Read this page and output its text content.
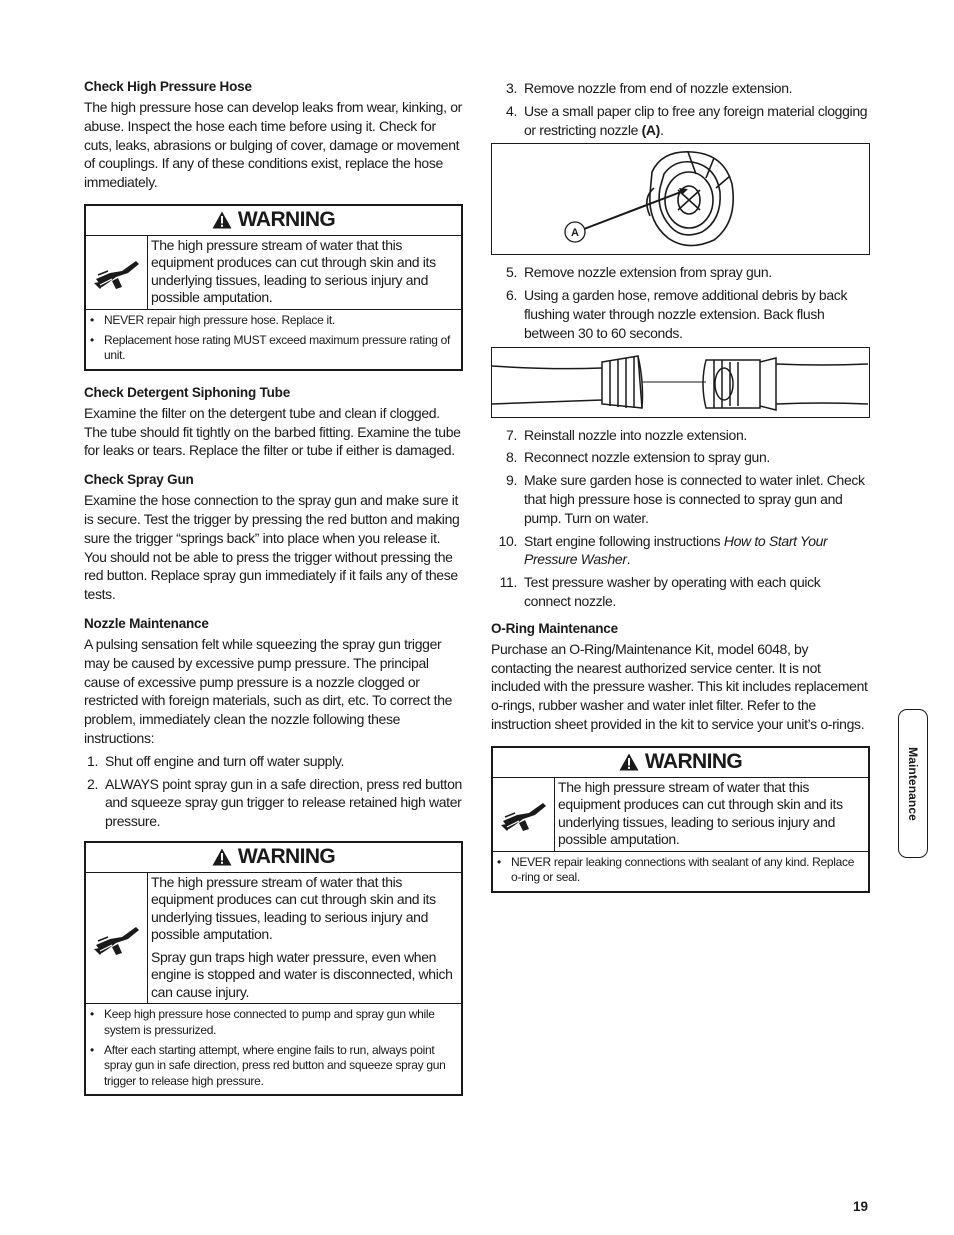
Check High Pressure Hose

The high pressure hose can develop leaks from wear, kinking, or abuse. Inspect the hose each time before using it. Check for cuts, leaks, abrasions or bulging of cover, damage or movement of couplings. If any of these conditions exist, replace the hose immediately.

WARNING
The high pressure stream of water that this equipment produces can cut through skin and its underlying tissues, leading to serious injury and possible amputation.
• NEVER repair high pressure hose. Replace it.
• Replacement hose rating MUST exceed maximum pressure rating of unit.
Check Detergent Siphoning Tube

Examine the filter on the detergent tube and clean if clogged. The tube should fit tightly on the barbed fitting. Examine the tube for leaks or tears. Replace the filter or tube if either is damaged.

Check Spray Gun

Examine the hose connection to the spray gun and make sure it is secure. Test the trigger by pressing the red button and making sure the trigger “springs back” into place when you release it. You should not be able to press the trigger without pressing the red button. Replace spray gun immediately if it fails any of these tests.

Nozzle Maintenance

A pulsing sensation felt while squeezing the spray gun trigger may be caused by excessive pump pressure. The principal cause of excessive pump pressure is a nozzle clogged or restricted with foreign materials, such as dirt, etc. To correct the problem, immediately clean the nozzle following these instructions:

1. Shut off engine and turn off water supply.
2. ALWAYS point spray gun in a safe direction, press red button and squeeze spray gun trigger to release retained high water pressure.
WARNING
The high pressure stream of water that this equipment produces can cut through skin and its underlying tissues, leading to serious injury and possible amputation.
Spray gun traps high water pressure, even when engine is stopped and water is disconnected, which can cause injury.
• Keep high pressure hose connected to pump and spray gun while system is pressurized.
• After each starting attempt, where engine fails to run, always point spray gun in safe direction, press red button and squeeze spray gun trigger to release high pressure.
3. Remove nozzle from end of nozzle extension.
4. Use a small paper clip to free any foreign material clogging or restricting nozzle (A).
A
5. Remove nozzle extension from spray gun.
6. Using a garden hose, remove additional debris by back flushing water through nozzle extension. Back flush between 30 to 60 seconds.
7. Reinstall nozzle into nozzle extension.
8. Reconnect nozzle extension to spray gun.
9. Make sure garden hose is connected to water inlet. Check that high pressure hose is connected to spray gun and pump. Turn on water.
10. Start engine following instructions How to Start Your Pressure Washer.
11. Test pressure washer by operating with each quick connect nozzle.
O-Ring Maintenance

Purchase an O-Ring/Maintenance Kit, model 6048, by contacting the nearest authorized service center. It is not included with the pressure washer. This kit includes replacement o-rings, rubber washer and water inlet filter. Refer to the instruction sheet provided in the kit to service your unit’s o-rings.

WARNING
The high pressure stream of water that this equipment produces can cut through skin and its underlying tissues, leading to serious injury and possible amputation.
• NEVER repair leaking connections with sealant of any kind. Replace o-ring or seal.
Maintenance
19
